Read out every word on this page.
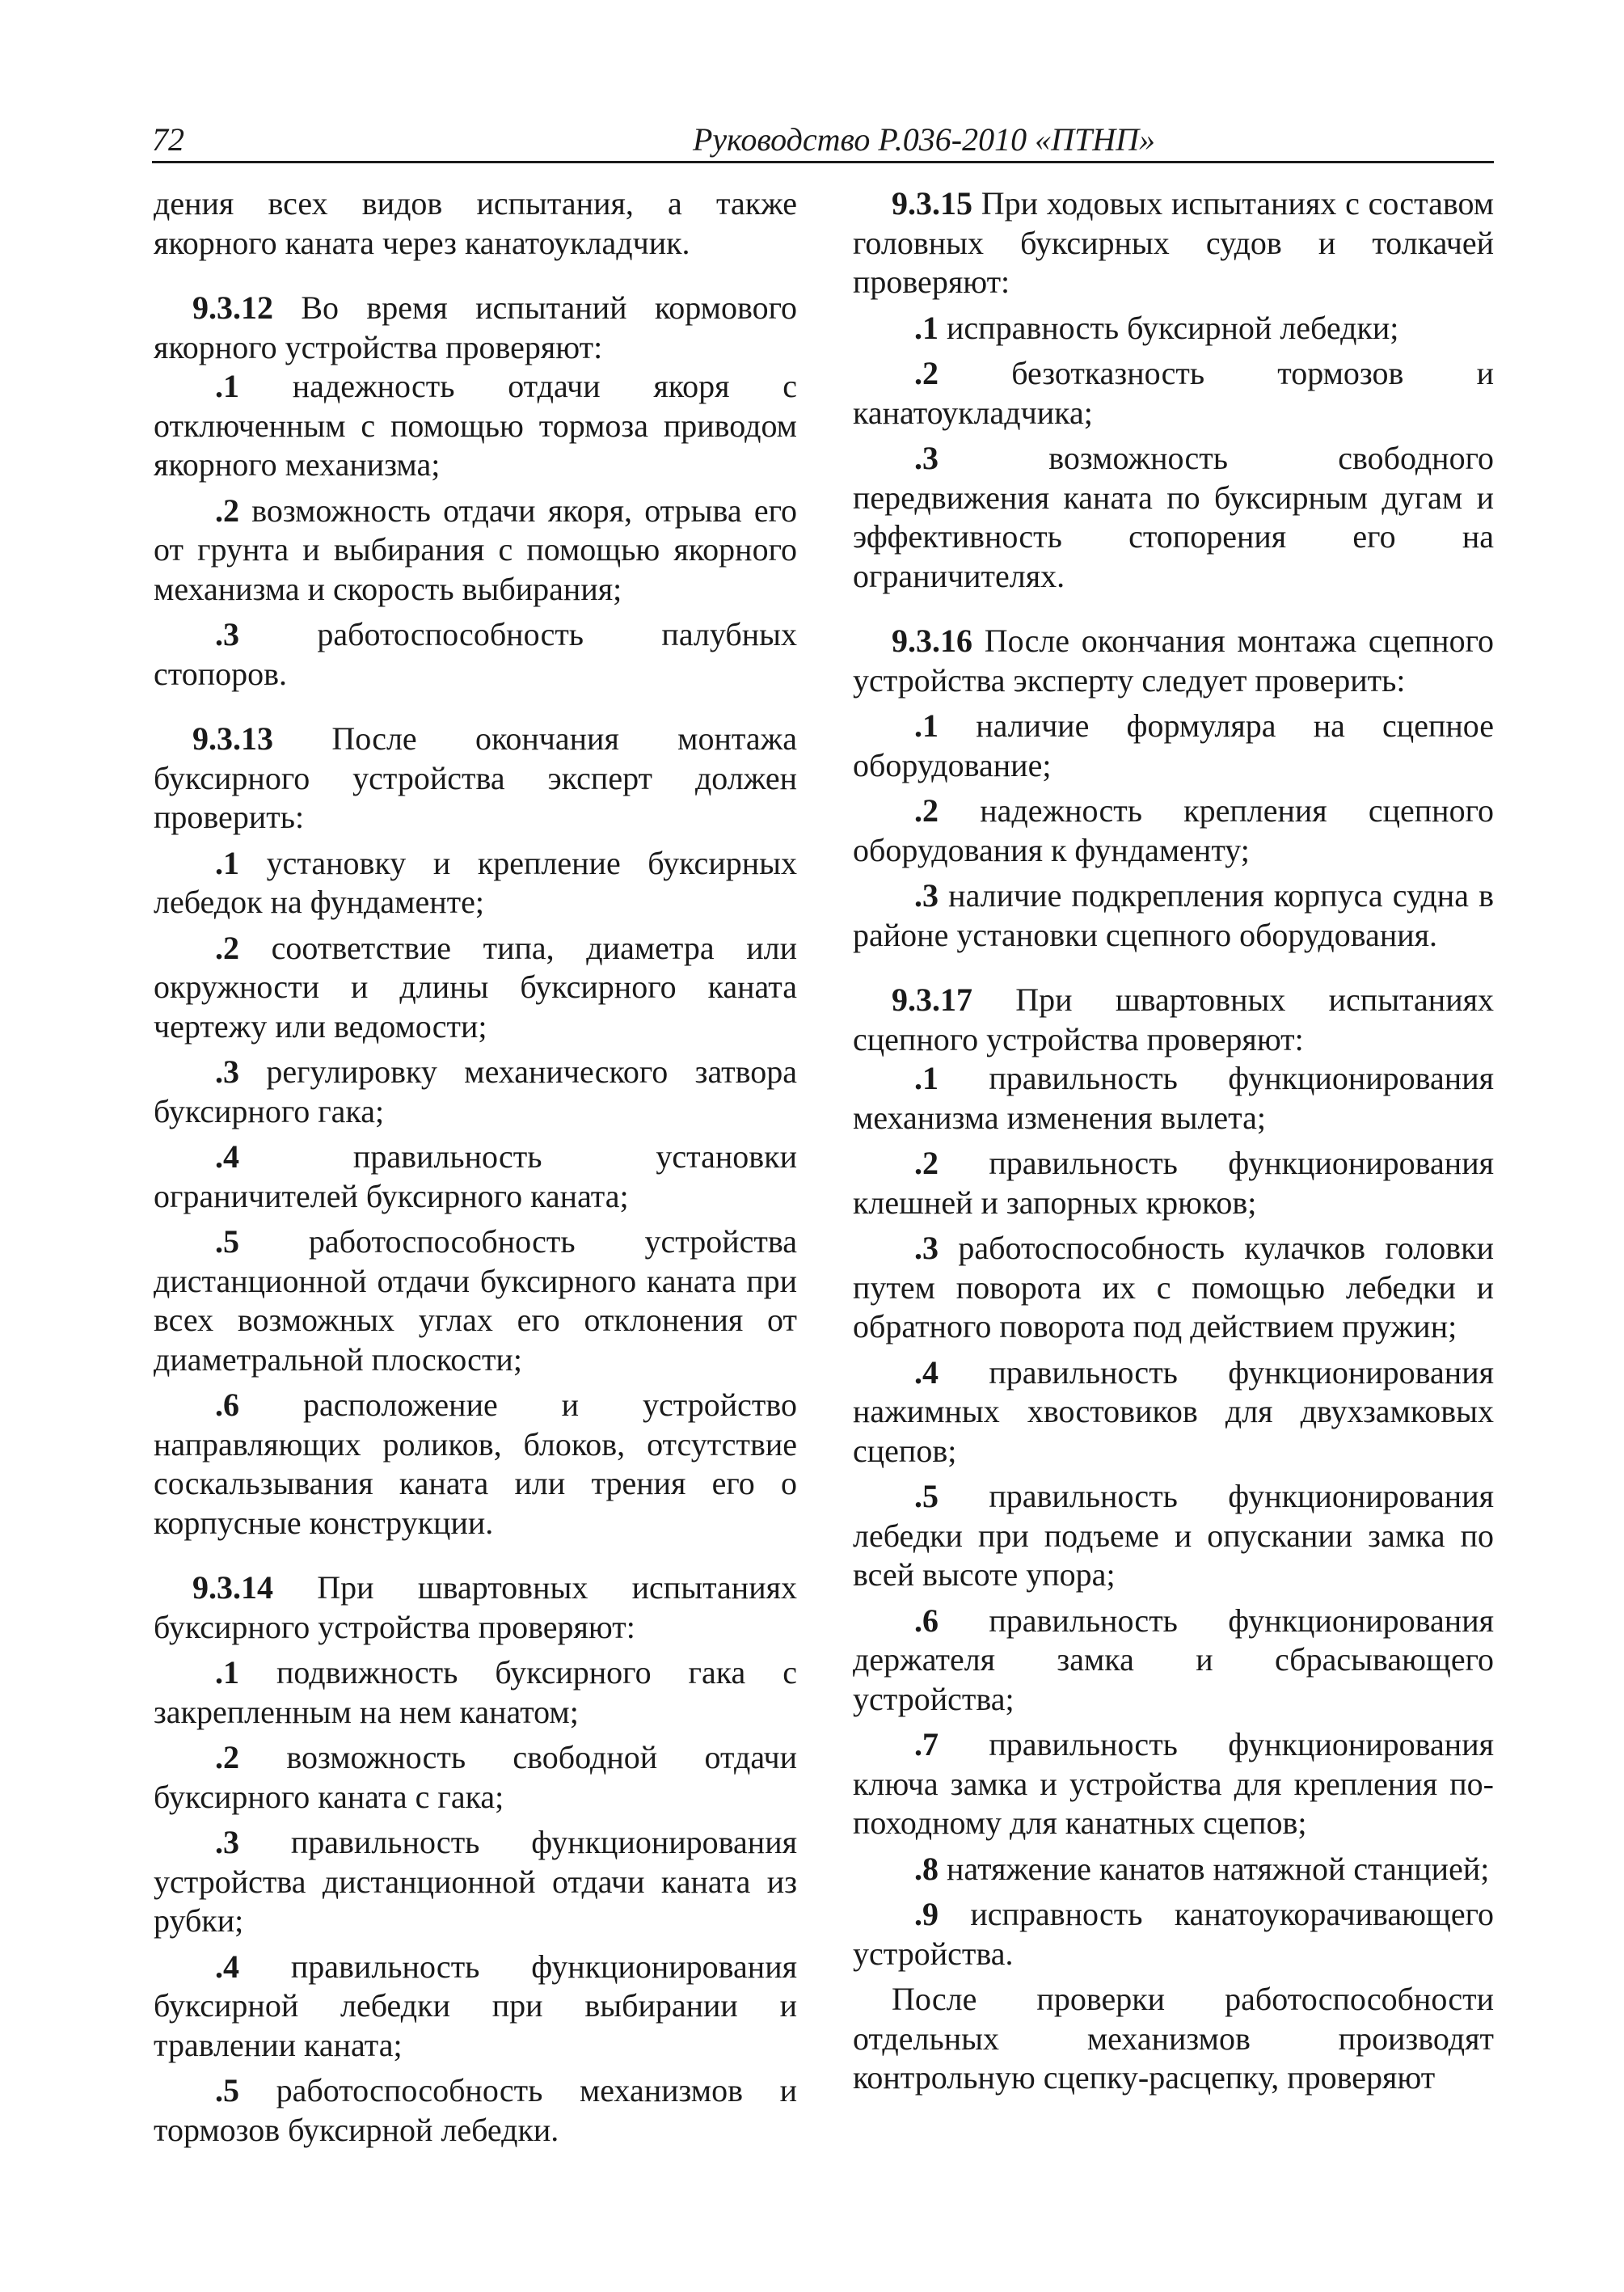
72	Руководство Р.036-2010 «ПТНП»

дения всех видов испытания, а также якорного каната через канатоукладчик.

9.3.12 Во время испытаний кормового якорного устройства проверяют:

.1 надежность отдачи якоря с отключенным с помощью тормоза приводом якорного механизма;

.2 возможность отдачи якоря, отрыва его от грунта и выбирания с помощью якорного механизма и скорость выбирания;

.3 работоспособность палубных стопоров.

9.3.13 После окончания монтажа буксирного устройства эксперт должен проверить:

.1 установку и крепление буксирных лебедок на фундаменте;

.2 соответствие типа, диаметра или окружности и длины буксирного каната чертежу или ведомости;

.3 регулировку механического затвора буксирного гака;

.4	правильность установки ограничителей буксирного каната;

.5 работоспособность устройства дистанционной отдачи буксирного каната при всех возможных углах его отклонения от диаметральной плоскости;

.6 расположение и устройство направляющих роликов, блоков, отсутствие соскальзывания каната или трения его о корпусные конструкции.

9.3.14 При швартовных испытаниях буксирного устройства проверяют:

.1 подвижность буксирного гака с закрепленным на нем канатом;

.2 возможность свободной отдачи буксирного каната с гака;

.3 правильность функционирования устройства дистанционной отдачи каната из рубки;

.4 правильность функционирования буксирной лебедки при выбирании и травлении каната;

.5 работоспособность механизмов и тормозов буксирной лебедки.

9.3.15 При ходовых испытаниях с составом головных буксирных судов и толкачей проверяют:

.1 исправность буксирной лебедки;

.2 безотказность тормозов и канатоукладчика;

.3	возможность свободного передвижения каната по буксирным дугам и эффективность стопорения его на ограничителях.

9.3.16 После окончания монтажа сцепного устройства эксперту следует проверить:

.1 наличие формуляра на сцепное оборудование;

.2 надежность крепления сцепного оборудования к фундаменту;

.3 наличие подкрепления корпуса судна в районе установки сцепного оборудования.

9.3.17 При швартовных испытаниях сцепного устройства проверяют:

.1 правильность функционирования механизма изменения вылета;

.2 правильность функционирования клешней и запорных крюков;

.3 работоспособность кулачков головки путем поворота их с помощью лебедки и обратного поворота под действием пружин;

.4 правильность функционирования нажимных хвостовиков для двухзамковых сцепов;

.5 правильность функционирования лебедки при подъеме и опускании замка по всей высоте упора;

.6 правильность функционирования держателя замка и сбрасывающего устройства;

.7 правильность функционирования ключа замка и устройства для крепления по-походному для канатных сцепов;

.8 натяжение канатов натяжной станцией;

.9 исправность канатоукорачивающего устройства.

После проверки работоспособности отдельных механизмов производят контрольную сцепку-расцепку, проверяют
